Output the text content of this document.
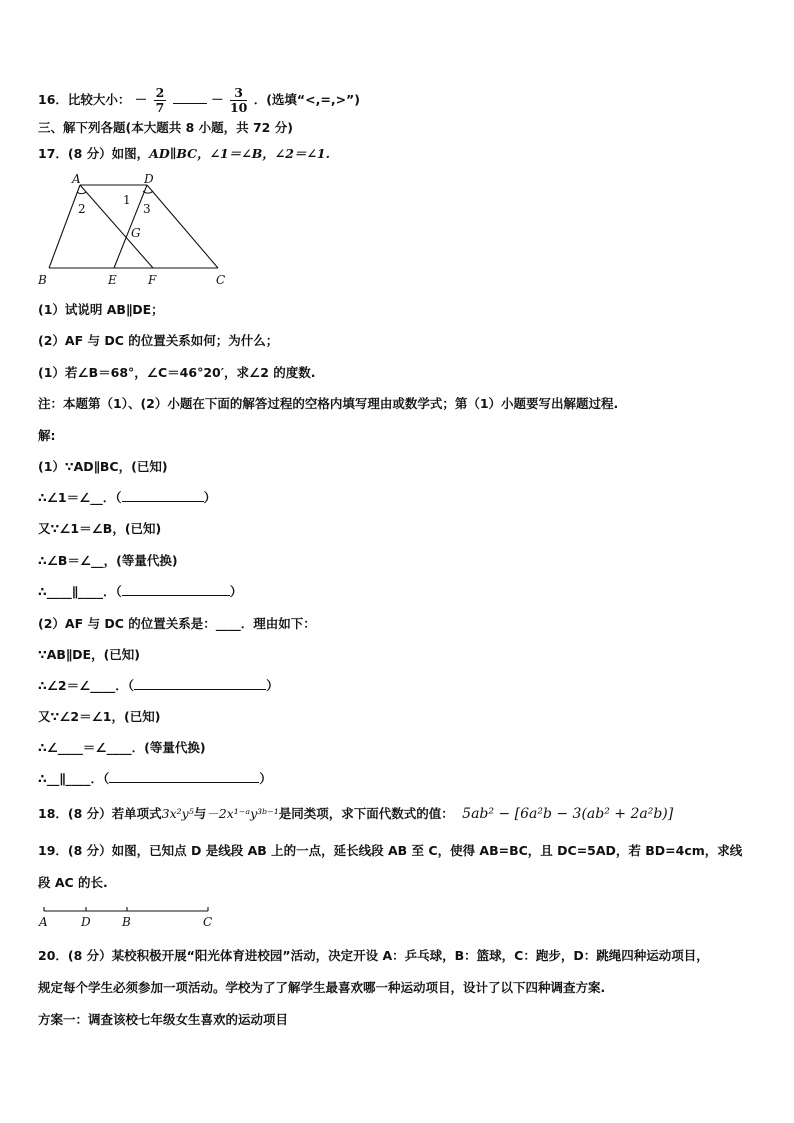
16．比较大小： － $\frac{2}{7}$	－ $\frac{3}{10}$ ．(选填“<,=,>”)
三、解下列各题(本大题共 8 小题，共 72 分)
17．(8 分）如图，AD∥BC，∠1＝∠B，∠2＝∠1.
A	D
B	E	F	C
G
1
2	3
(1）试说明 AB∥DE；
(2）AF 与 DC 的位置关系如何；为什么；
(1）若∠B＝68°，∠C＝46°20′，求∠2 的度数.
注：本题第（1）、(2）小题在下面的解答过程的空格内填写理由或数学式；第（1）小题要写出解题过程.
解:
(1）∵AD∥BC，(已知)
∴∠1＝∠__．（	）
又∵∠1＝∠B，(已知)
∴∠B＝∠__，(等量代换)
∴____∥____．（	）
(2）AF 与 DC 的位置关系是：____．理由如下：
∵AB∥DE，(已知)
∴∠2＝∠____．（	）
又∵∠2＝∠1，(已知)
∴∠____＝∠____．(等量代换)
∴__∥____．（	）
18．(8 分）若单项式3x²y⁵与－2x¹⁻ᵃy³ᵇ⁻¹是同类项，求下面代数式的值： 5ab² − [6a²b − 3(ab² + 2a²b)]
19．(8 分）如图，已知点 D 是线段 AB 上的一点，延长线段 AB 至 C，使得 AB=BC，且 DC=5AD，若 BD=4cm，求线
段 AC 的长.
A	D	B	C
20．(8 分）某校积极开展“阳光体育进校园”活动，决定开设 A：乒乓球，B：篮球，C：跑步，D：跳绳四种运动项目，
规定每个学生必须参加一项活动。学校为了了解学生最喜欢哪一种运动项目，设计了以下四种调查方案.
方案一：调查该校七年级女生喜欢的运动项目
